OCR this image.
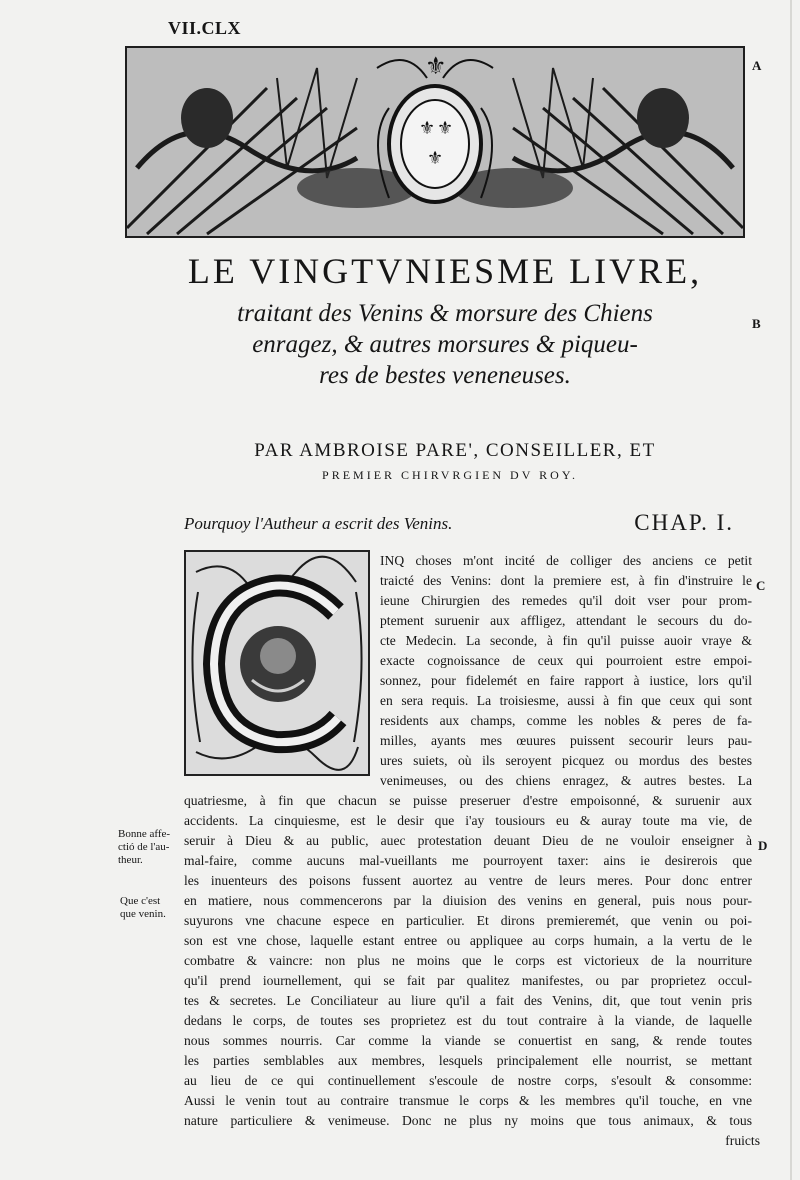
VII.CLX
⚜ ⚜
⚜
⚜	A
B
C
D
LE VINGTVNIESME LIVRE,
traitant des Venins & morsure des Chiens
enragez, & autres morsures & piqueu-
res de bestes veneneuses.
PAR AMBROISE PARE', CONSEILLER, ET
PREMIER CHIRVRGIEN DV ROY.
Pourquoy l'Autheur a escrit des Venins.	CHAP. I.
INQ choses m'ont incité de colliger des anciens ce petit
traicté des Venins: dont la premiere est, à fin d'instruire le
ieune Chirurgien des remedes qu'il doit vser pour prom-
ptement suruenir aux affligez, attendant le secours du do-
cte Medecin. La seconde, à fin qu'il puisse auoir vraye &
exacte cognoissance de ceux qui pourroient estre empoi-
sonnez, pour fidelemét en faire rapport à iustice, lors qu'il
en sera requis. La troisiesme, aussi à fin que ceux qui sont
residents aux champs, comme les nobles & peres de fa-
milles, ayants mes œuures puissent secourir leurs pau-
ures suiets, où ils seroyent picquez ou mordus des bestes
venimeuses, ou des chiens enragez, & autres bestes. La
quatriesme, à fin que chacun se puisse preseruer d'estre empoisonné, & suruenir aux
accidents. La cinquiesme, est le desir que i'ay tousiours eu & auray toute ma vie, de
seruir à Dieu & au public, auec protestation deuant Dieu de ne vouloir enseigner à
mal-faire, comme aucuns mal-vueillants me pourroyent taxer: ains ie desirerois que
les inuenteurs des poisons fussent auortez au ventre de leurs meres. Pour donc entrer
en matiere, nous commencerons par la diuision des venins en general, puis nous pour-
suyurons vne chacune espece en particulier. Et dirons premieremét, que venin ou poi-
son est vne chose, laquelle estant entree ou appliquee au corps humain, a la vertu de le
combatre & vaincre: non plus ne moins que le corps est victorieux de la nourriture
qu'il prend iournellement, qui se fait par qualitez manifestes, ou par proprietez occul-
tes & secretes. Le Conciliateur au liure qu'il a fait des Venins, dit, que tout venin pris
dedans le corps, de toutes ses proprietez est du tout contraire à la viande, de laquelle
nous sommes nourris. Car comme la viande se conuertist en sang, & rende toutes
les parties semblables aux membres, lesquels principalement elle nourrist, se mettant
au lieu de ce qui continuellement s'escoule de nostre corps, s'esoult & consomme:
Aussi le venin tout au contraire transmue le corps & les membres qu'il touche, en vne
nature particuliere & venimeuse. Donc ne plus ny moins que tous animaux, & tous
fruicts
Bonne affe-
ctió de l'au-
theur.
Que c'est
que venin.
